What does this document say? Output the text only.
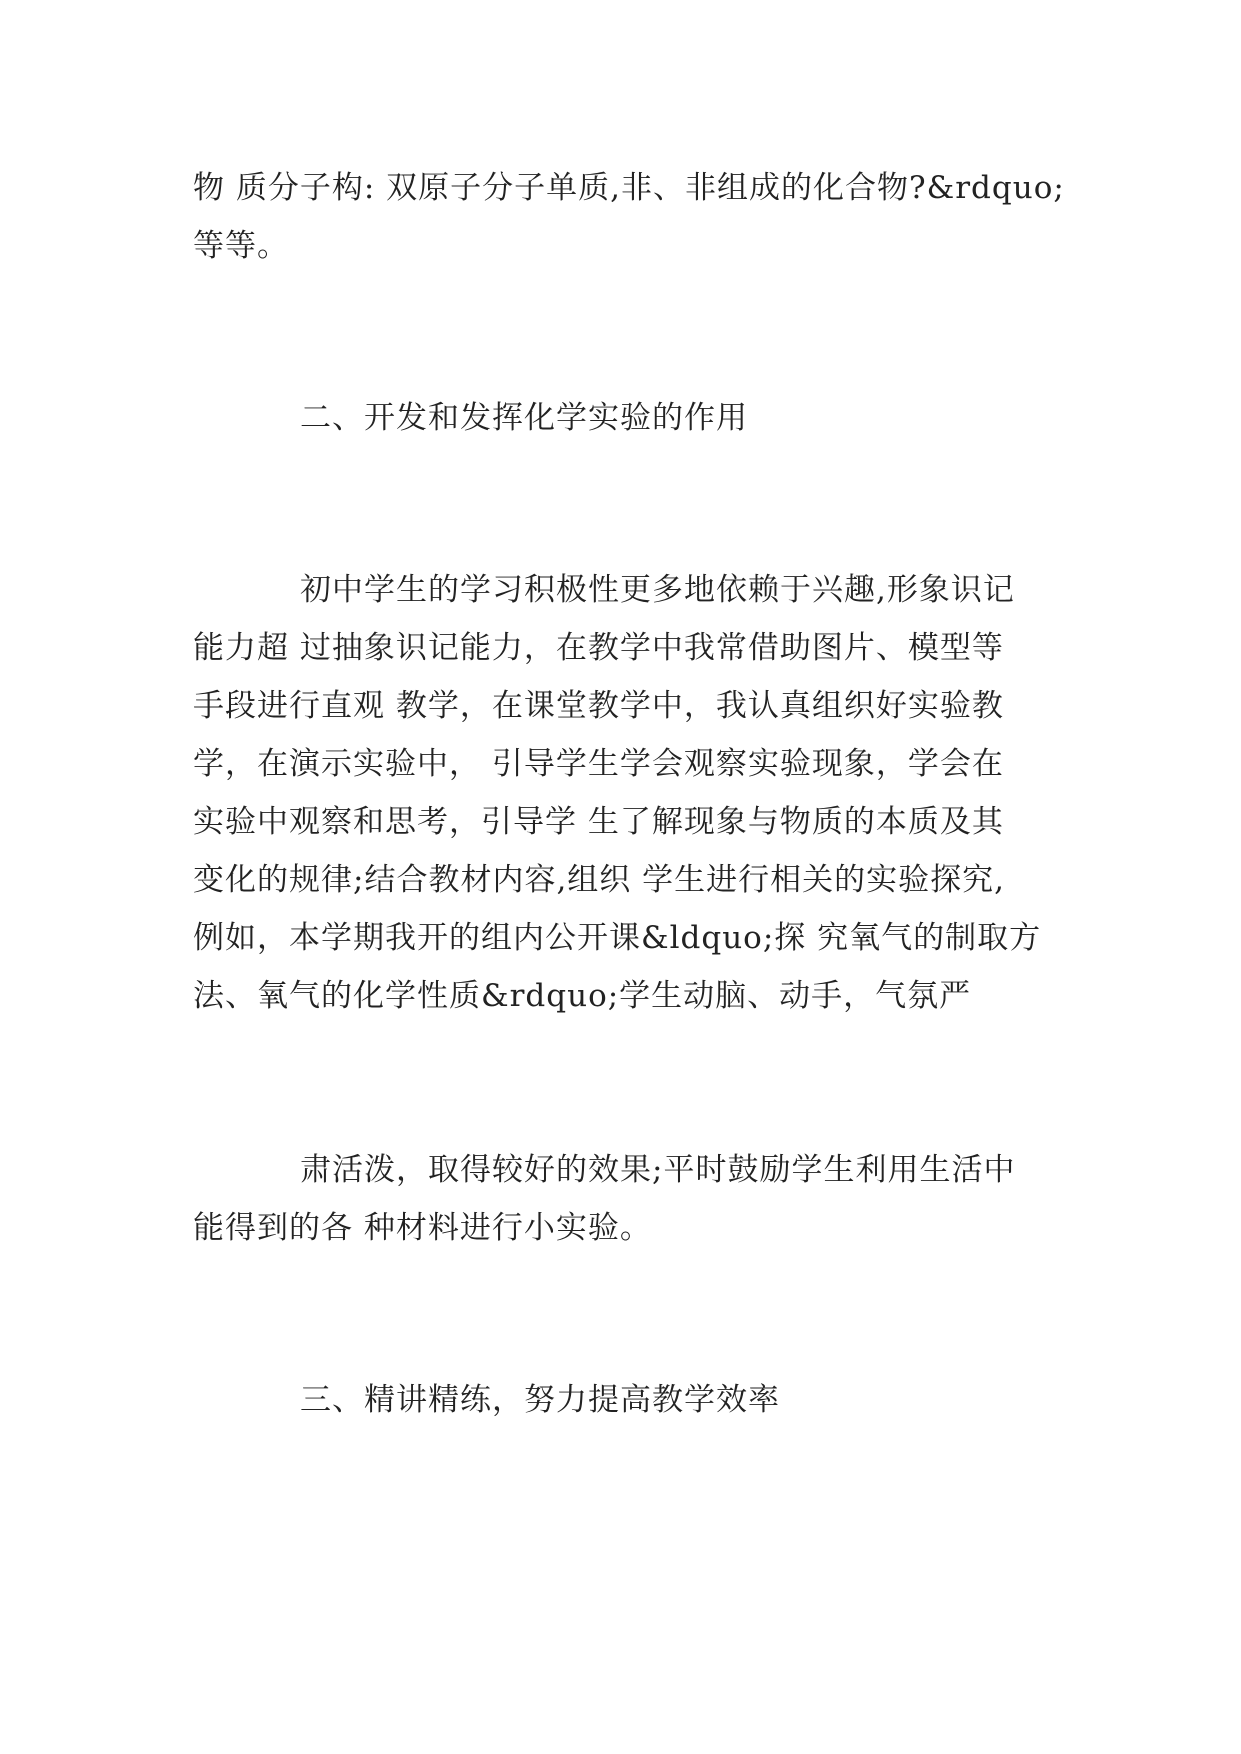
物 质分子构: 双原子分子单质,非、非组成的化合物?&rdquo;
等等。
二、开发和发挥化学实验的作用
初中学生的学习积极性更多地依赖于兴趣,形象识记
能力超 过抽象识记能力，在教学中我常借助图片、模型等
手段进行直观 教学，在课堂教学中，我认真组织好实验教
学，在演示实验中， 引导学生学会观察实验现象，学会在
实验中观察和思考，引导学 生了解现象与物质的本质及其
变化的规律;结合教材内容,组织 学生进行相关的实验探究,
例如，本学期我开的组内公开课&ldquo;探 究氧气的制取方
法、氧气的化学性质&rdquo;学生动脑、动手，气氛严
肃活泼，取得较好的效果;平时鼓励学生利用生活中
能得到的各 种材料进行小实验。
三、精讲精练，努力提高教学效率
